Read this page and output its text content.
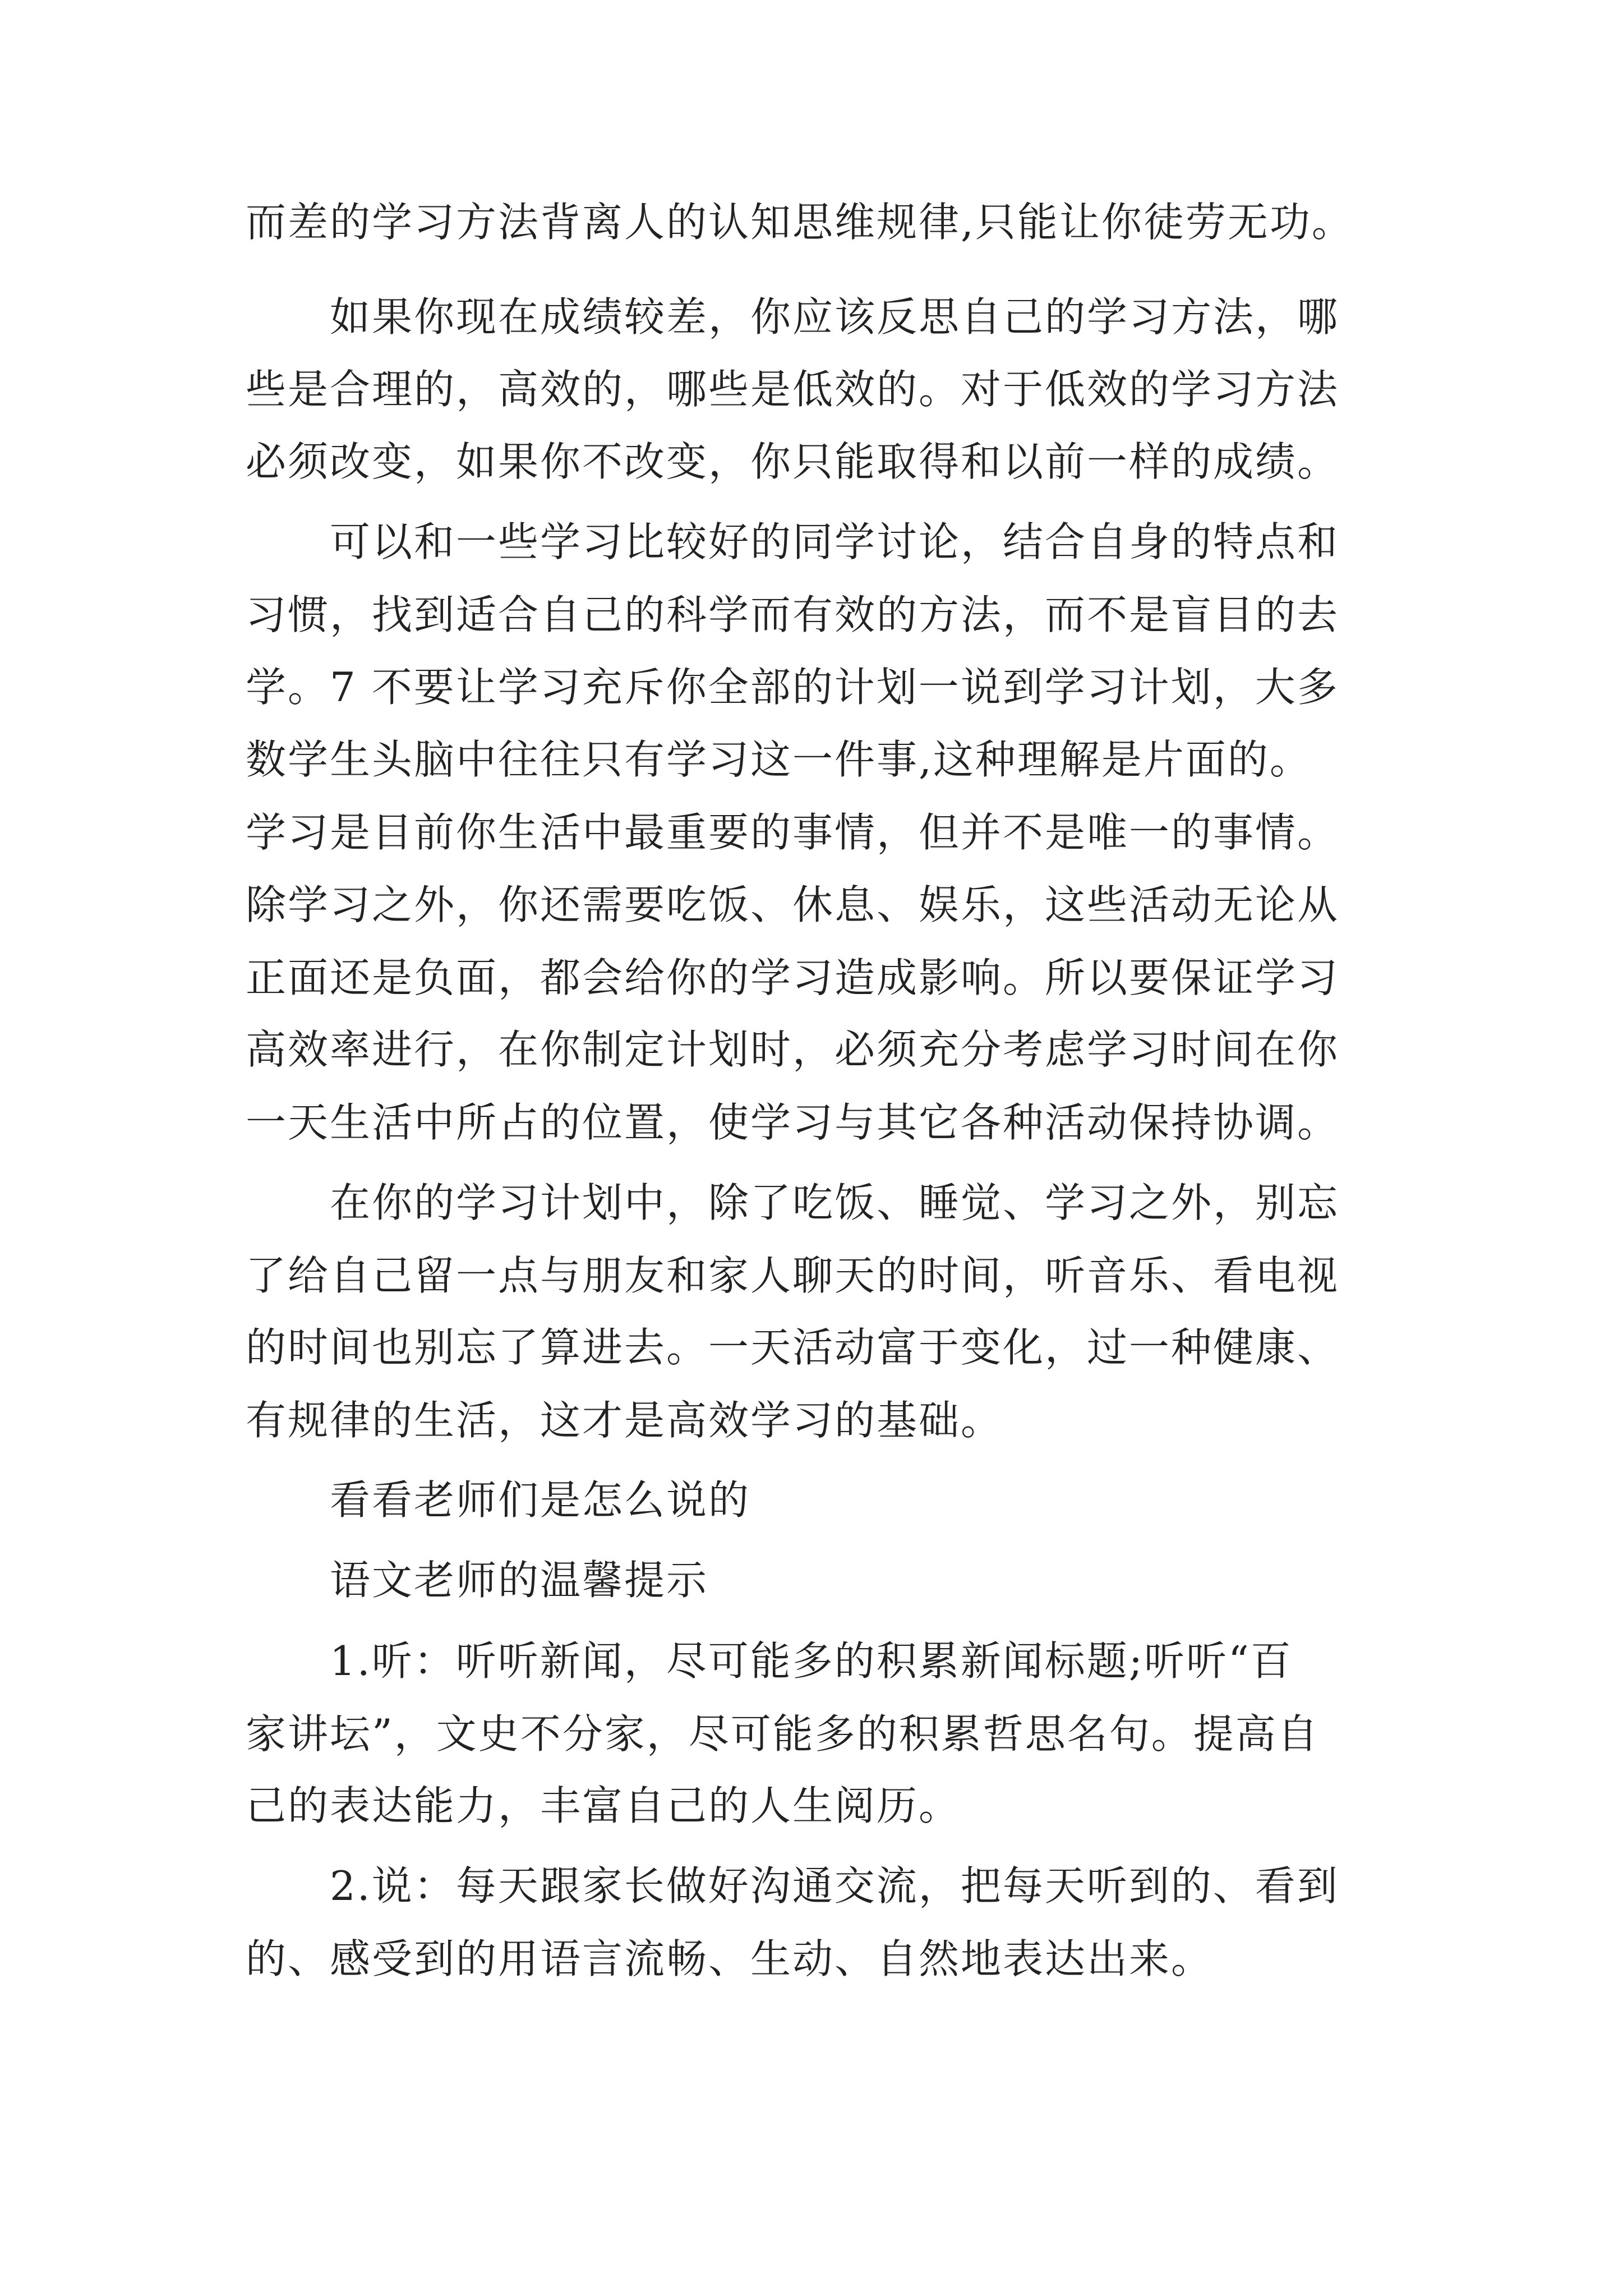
而差的学习方法背离人的认知思维规律,只能让你徒劳无功。
如果你现在成绩较差，你应该反思自己的学习方法，哪
些是合理的，高效的，哪些是低效的。对于低效的学习方法
必须改变，如果你不改变，你只能取得和以前一样的成绩。
可以和一些学习比较好的同学讨论，结合自身的特点和
习惯，找到适合自己的科学而有效的方法，而不是盲目的去
学。7 不要让学习充斥你全部的计划一说到学习计划，大多
数学生头脑中往往只有学习这一件事,这种理解是片面的。
学习是目前你生活中最重要的事情，但并不是唯一的事情。
除学习之外，你还需要吃饭、休息、娱乐，这些活动无论从
正面还是负面，都会给你的学习造成影响。所以要保证学习
高效率进行，在你制定计划时，必须充分考虑学习时间在你
一天生活中所占的位置，使学习与其它各种活动保持协调。
在你的学习计划中，除了吃饭、睡觉、学习之外，别忘
了给自己留一点与朋友和家人聊天的时间，听音乐、看电视
的时间也别忘了算进去。一天活动富于变化，过一种健康、
有规律的生活，这才是高效学习的基础。
看看老师们是怎么说的
语文老师的温馨提示
1.听：听听新闻，尽可能多的积累新闻标题;听听“百
家讲坛”，文史不分家，尽可能多的积累哲思名句。提高自
己的表达能力，丰富自己的人生阅历。
2.说：每天跟家长做好沟通交流，把每天听到的、看到
的、感受到的用语言流畅、生动、自然地表达出来。
